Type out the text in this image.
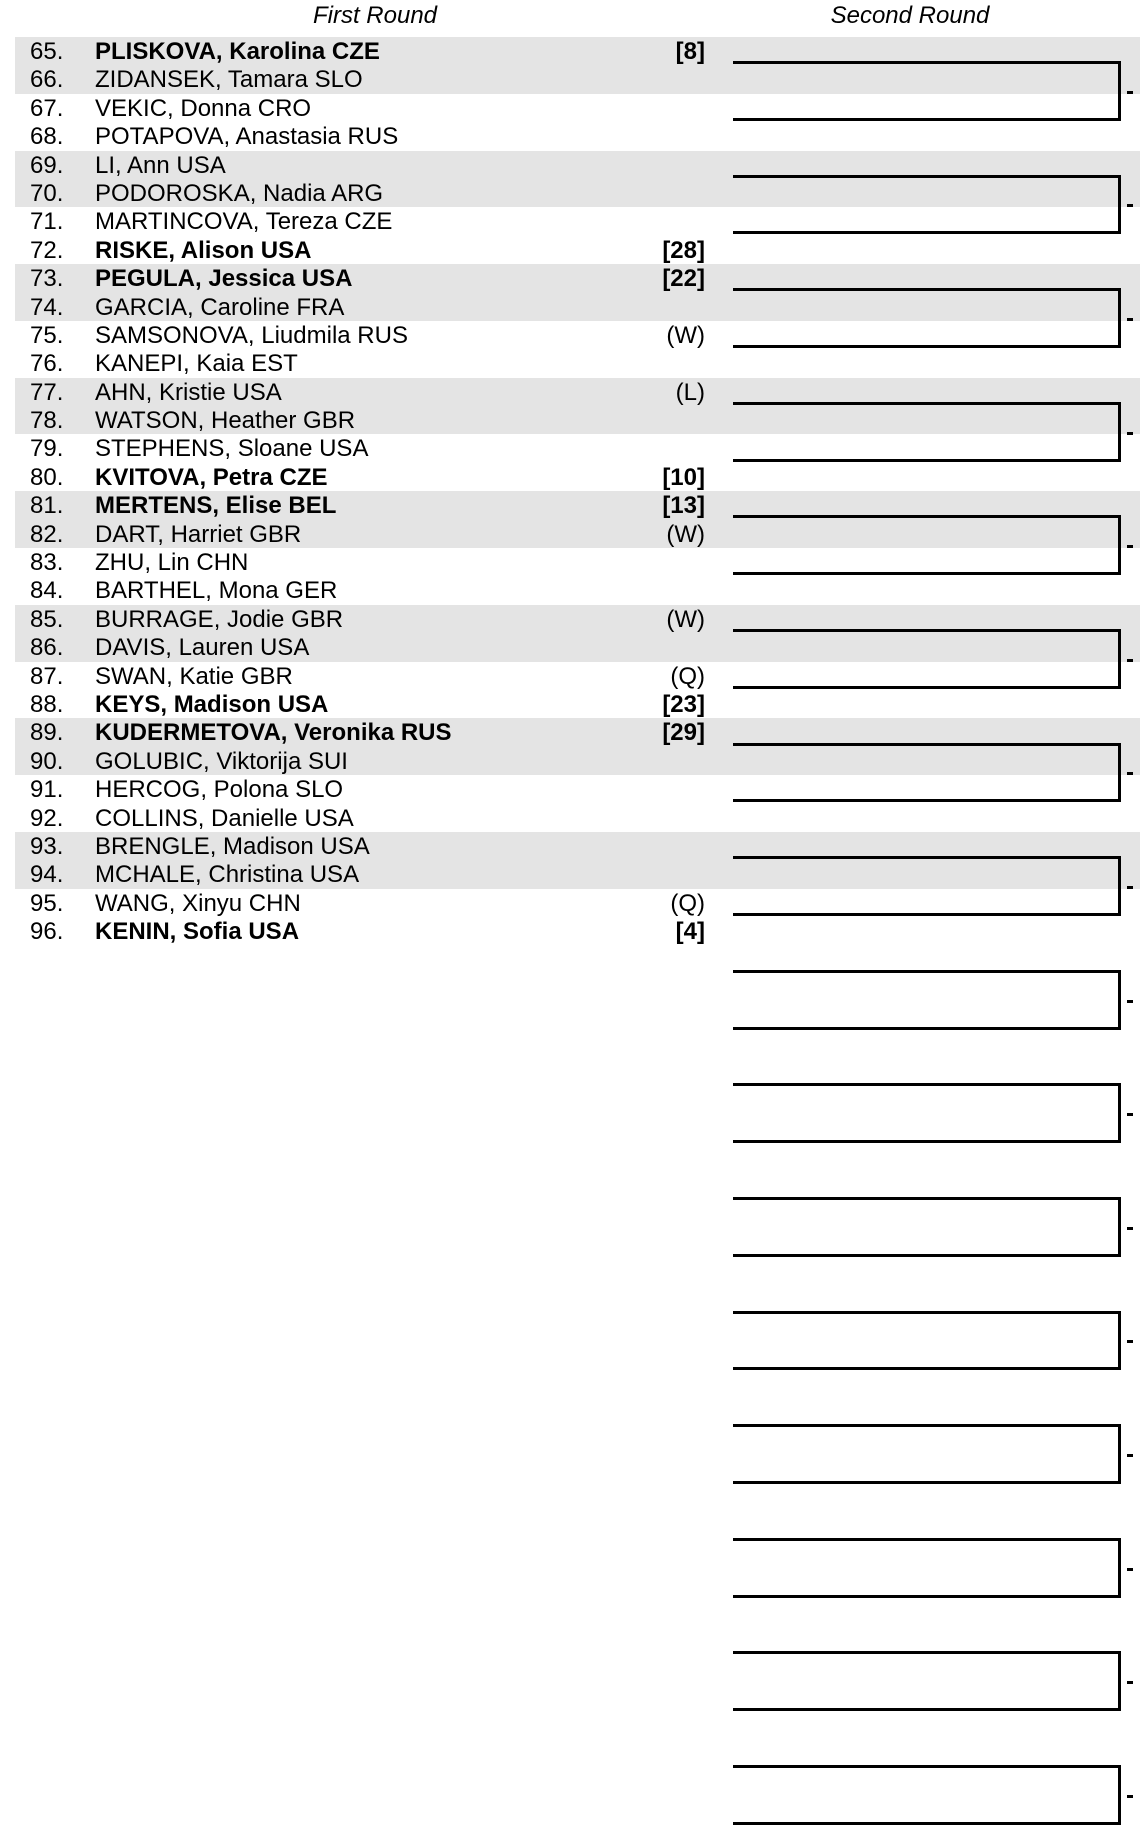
First Round	Second Round
65.	PLISKOVA, Karolina CZE	[8]
66.	ZIDANSEK, Tamara SLO
67.	VEKIC, Donna CRO
68.	POTAPOVA, Anastasia RUS
69.	LI, Ann USA
70.	PODOROSKA, Nadia ARG
71.	MARTINCOVA, Tereza CZE
72.	RISKE, Alison USA	[28]
73.	PEGULA, Jessica USA	[22]
74.	GARCIA, Caroline FRA
75.	SAMSONOVA, Liudmila RUS	(W)
76.	KANEPI, Kaia EST
77.	AHN, Kristie USA	(L)
78.	WATSON, Heather GBR
79.	STEPHENS, Sloane USA
80.	KVITOVA, Petra CZE	[10]
81.	MERTENS, Elise BEL	[13]
82.	DART, Harriet GBR	(W)
83.	ZHU, Lin CHN
84.	BARTHEL, Mona GER
85.	BURRAGE, Jodie GBR	(W)
86.	DAVIS, Lauren USA
87.	SWAN, Katie GBR	(Q)
88.	KEYS, Madison USA	[23]
89.	KUDERMETOVA, Veronika RUS	[29]
90.	GOLUBIC, Viktorija SUI
91.	HERCOG, Polona SLO
92.	COLLINS, Danielle USA
93.	BRENGLE, Madison USA
94.	MCHALE, Christina USA
95.	WANG, Xinyu CHN	(Q)
96.	KENIN, Sofia USA	[4]
